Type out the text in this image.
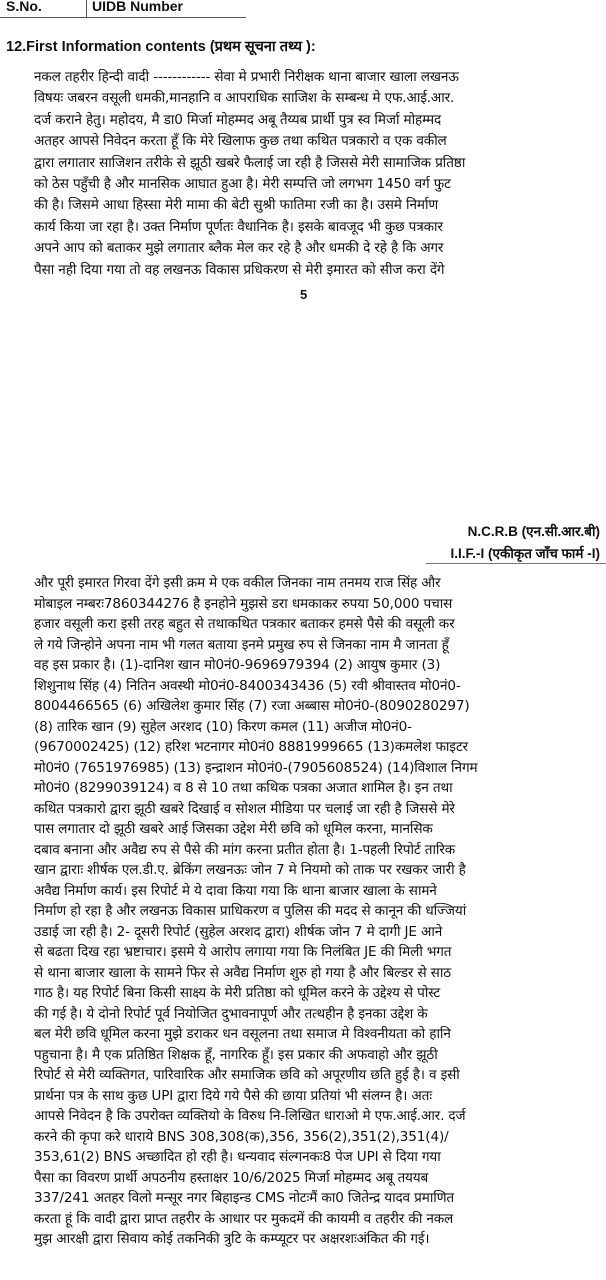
S.No.	UIDB Number
12.First Information contents (प्रथम सूचना तथ्य ):
नकल तहरीर हिन्दी वादी ------------ सेवा मे प्रभारी निरीक्षक थाना बाजार खाला लखनऊ
विषयः जबरन वसूली धमकी,मानहानि व आपराधिक साजिश के सम्बन्ध मे एफ.आई.आर.
दर्ज कराने हेतु। महोदय, मै डा0 मिर्जा मोहम्मद अबू तैय्यब प्रार्थी पुत्र स्व मिर्जा मोहम्मद
अतहर आपसे निवेदन करता हूँ कि मेरे खिलाफ कुछ तथा कथित पत्रकारो व एक वकील
द्वारा लगातार साजिशन तरीके से झूठी खबरे फैलाई जा रही है जिससे मेरी सामाजिक प्रतिष्ठा
को ठेस पहुँची है और मानसिक आघात हुआ है। मेरी सम्पत्ति जो लगभग 1450 वर्ग फुट
की है। जिसमे आधा हिस्सा मेरी मामा की बेटी सुश्री फातिमा रजी का है। उसमे निर्माण
कार्य किया जा रहा है। उक्त निर्माण पूर्णतः वैधानिक है। इसके बावजूद भी कुछ पत्रकार
अपने आप को बताकर मुझे लगातार ब्लैक मेल कर रहे है और धमकी दे रहे है कि अगर
पैसा नही दिया गया तो वह लखनऊ विकास प्रधिकरण से मेरी इमारत को सीज करा देंगे
5
N.C.R.B (एन.सी.आर.बी)
I.I.F.-I (एकीकृत जाँच फार्म -I)
और पूरी इमारत गिरवा देंगे इसी क्रम मे एक वकील जिनका नाम तनमय राज सिंह और
मोबाइल नम्बरः7860344276 है इनहोने मुझसे डरा धमकाकर रुपया 50,000 पचास
हजार वसूली करा इसी तरह बहुत से तथाकथित पत्रकार बताकर हमसे पैसे की वसूली कर
ले गये जिन्होने अपना नाम भी गलत बताया इनमे प्रमुख रुप से जिनका नाम मै जानता हूँ
वह इस प्रकार है। (1)-दानिश खान मो0नं0-9696979394 (2) आयुष कुमार (3)
शिशुनाथ सिंह (4) नितिन अवस्थी मो0नं0-8400343436 (5) रवी श्रीवास्तव मो0नं0-
8004466565 (6) अखिलेश कुमार सिंह (7) रजा अब्बास मो0नं0-(8090280297)
(8) तारिक खान (9) सुहेल अरशद (10) किरण कमल (11) अजीज मो0नं0-
(9670002425) (12) हरिश भटनागर मो0नं0 8881999665 (13)कमलेश फाइटर
मो0नं0 (7651976985) (13) इन्द्राशन मो0नं0-(7905608524) (14)विशाल निगम
मो0नं0 (8299039124) व 8 से 10 तथा कथिक पत्रका अजात शामिल है। इन तथा
कथित पत्रकारो द्वारा झूठी खबरे दिखाई व सोशल मीडिया पर चलाई जा रही है जिससे मेरे
पास लगातार दो झूठी खबरे आई जिसका उद्देश मेरी छवि को धूमिल करना, मानसिक
दबाव बनाना और अवैद्य रुप से पैसे की मांग करना प्रतीत होता है। 1-पहली रिपोर्ट तारिक
खान द्वाराः शीर्षक एल.डी.ए. ब्रेकिंग लखनऊः जोन 7 मे नियमो को ताक पर रखकर जारी है
अवैद्य निर्माण कार्य। इस रिपोर्ट मे ये दावा किया गया कि थाना बाजार खाला के सामने
निर्माण हो रहा है और लखनऊ विकास प्राधिकरण व पुलिस की मदद से कानून की धज्जियां
उडाई जा रही है। 2- दूसरी रिपोर्ट (सुहेल अरशद द्वारा) शीर्षक जोन 7 मे दागी JE आने
से बढता दिख रहा भ्रष्टाचार। इसमे ये आरोप लगाया गया कि निलंबित JE की मिली भगत
से थाना बाजार खाला के सामने फिर से अवैद्य निर्माण शुरु हो गया है और बिल्डर से साठ
गाठ है। यह रिपोर्ट बिना किसी साक्ष्य के मेरी प्रतिष्ठा को धूमिल करने के उद्देश्य से पोस्ट
की गई है। ये दोनो रिपोर्ट पूर्व नियोजित दुभावनापूर्ण और तत्थहीन है इनका उद्देश के
बल मेरी छवि धूमिल करना मुझे डराकर धन वसूलना तथा समाज मे विश्वनीयता को हानि
पहुचाना है। मै एक प्रतिष्ठित शिक्षक हूँ, नागरिक हूँ। इस प्रकार की अफवाहो और झूठी
रिपोर्ट से मेरी व्यक्तिगत, पारिवारिक और समाजिक छवि को अपूरणीय छति हुई है। व इसी
प्रार्थना पत्र के साथ कुछ UPI द्वारा दिये गये पैसे की छाया प्रतियां भी संलग्न है। अतः
आपसे निवेदन है कि उपरोक्त व्यक्तियो के विरुध नि-लिखित धाराओ मे एफ.आई.आर. दर्ज
करने की कृपा करे धाराये BNS 308,308(क),356, 356(2),351(2),351(4)/
353,61(2) BNS अच्छादित हो रही है। धन्यवाद संल्गनकः8 पेज UPI से दिया गया
पैसा का विवरण प्रार्थी अपठनीय हस्ताक्षर 10/6/2025 मिर्जा मोहम्मद अबू तययब
337/241 अतहर विलो मन्सूर नगर बिहाइन्ड CMS नोटःमैं का0 जितेन्द्र यादव प्रमाणित
करता हूं कि वादी द्वारा प्राप्त तहरीर के आधार पर मुकदमें की कायमी व तहरीर की नकल
मुझ आरक्षी द्वारा सिवाय कोई तकनिकी त्रुटि के कम्प्यूटर पर अक्षरशःअंकित की गई।
